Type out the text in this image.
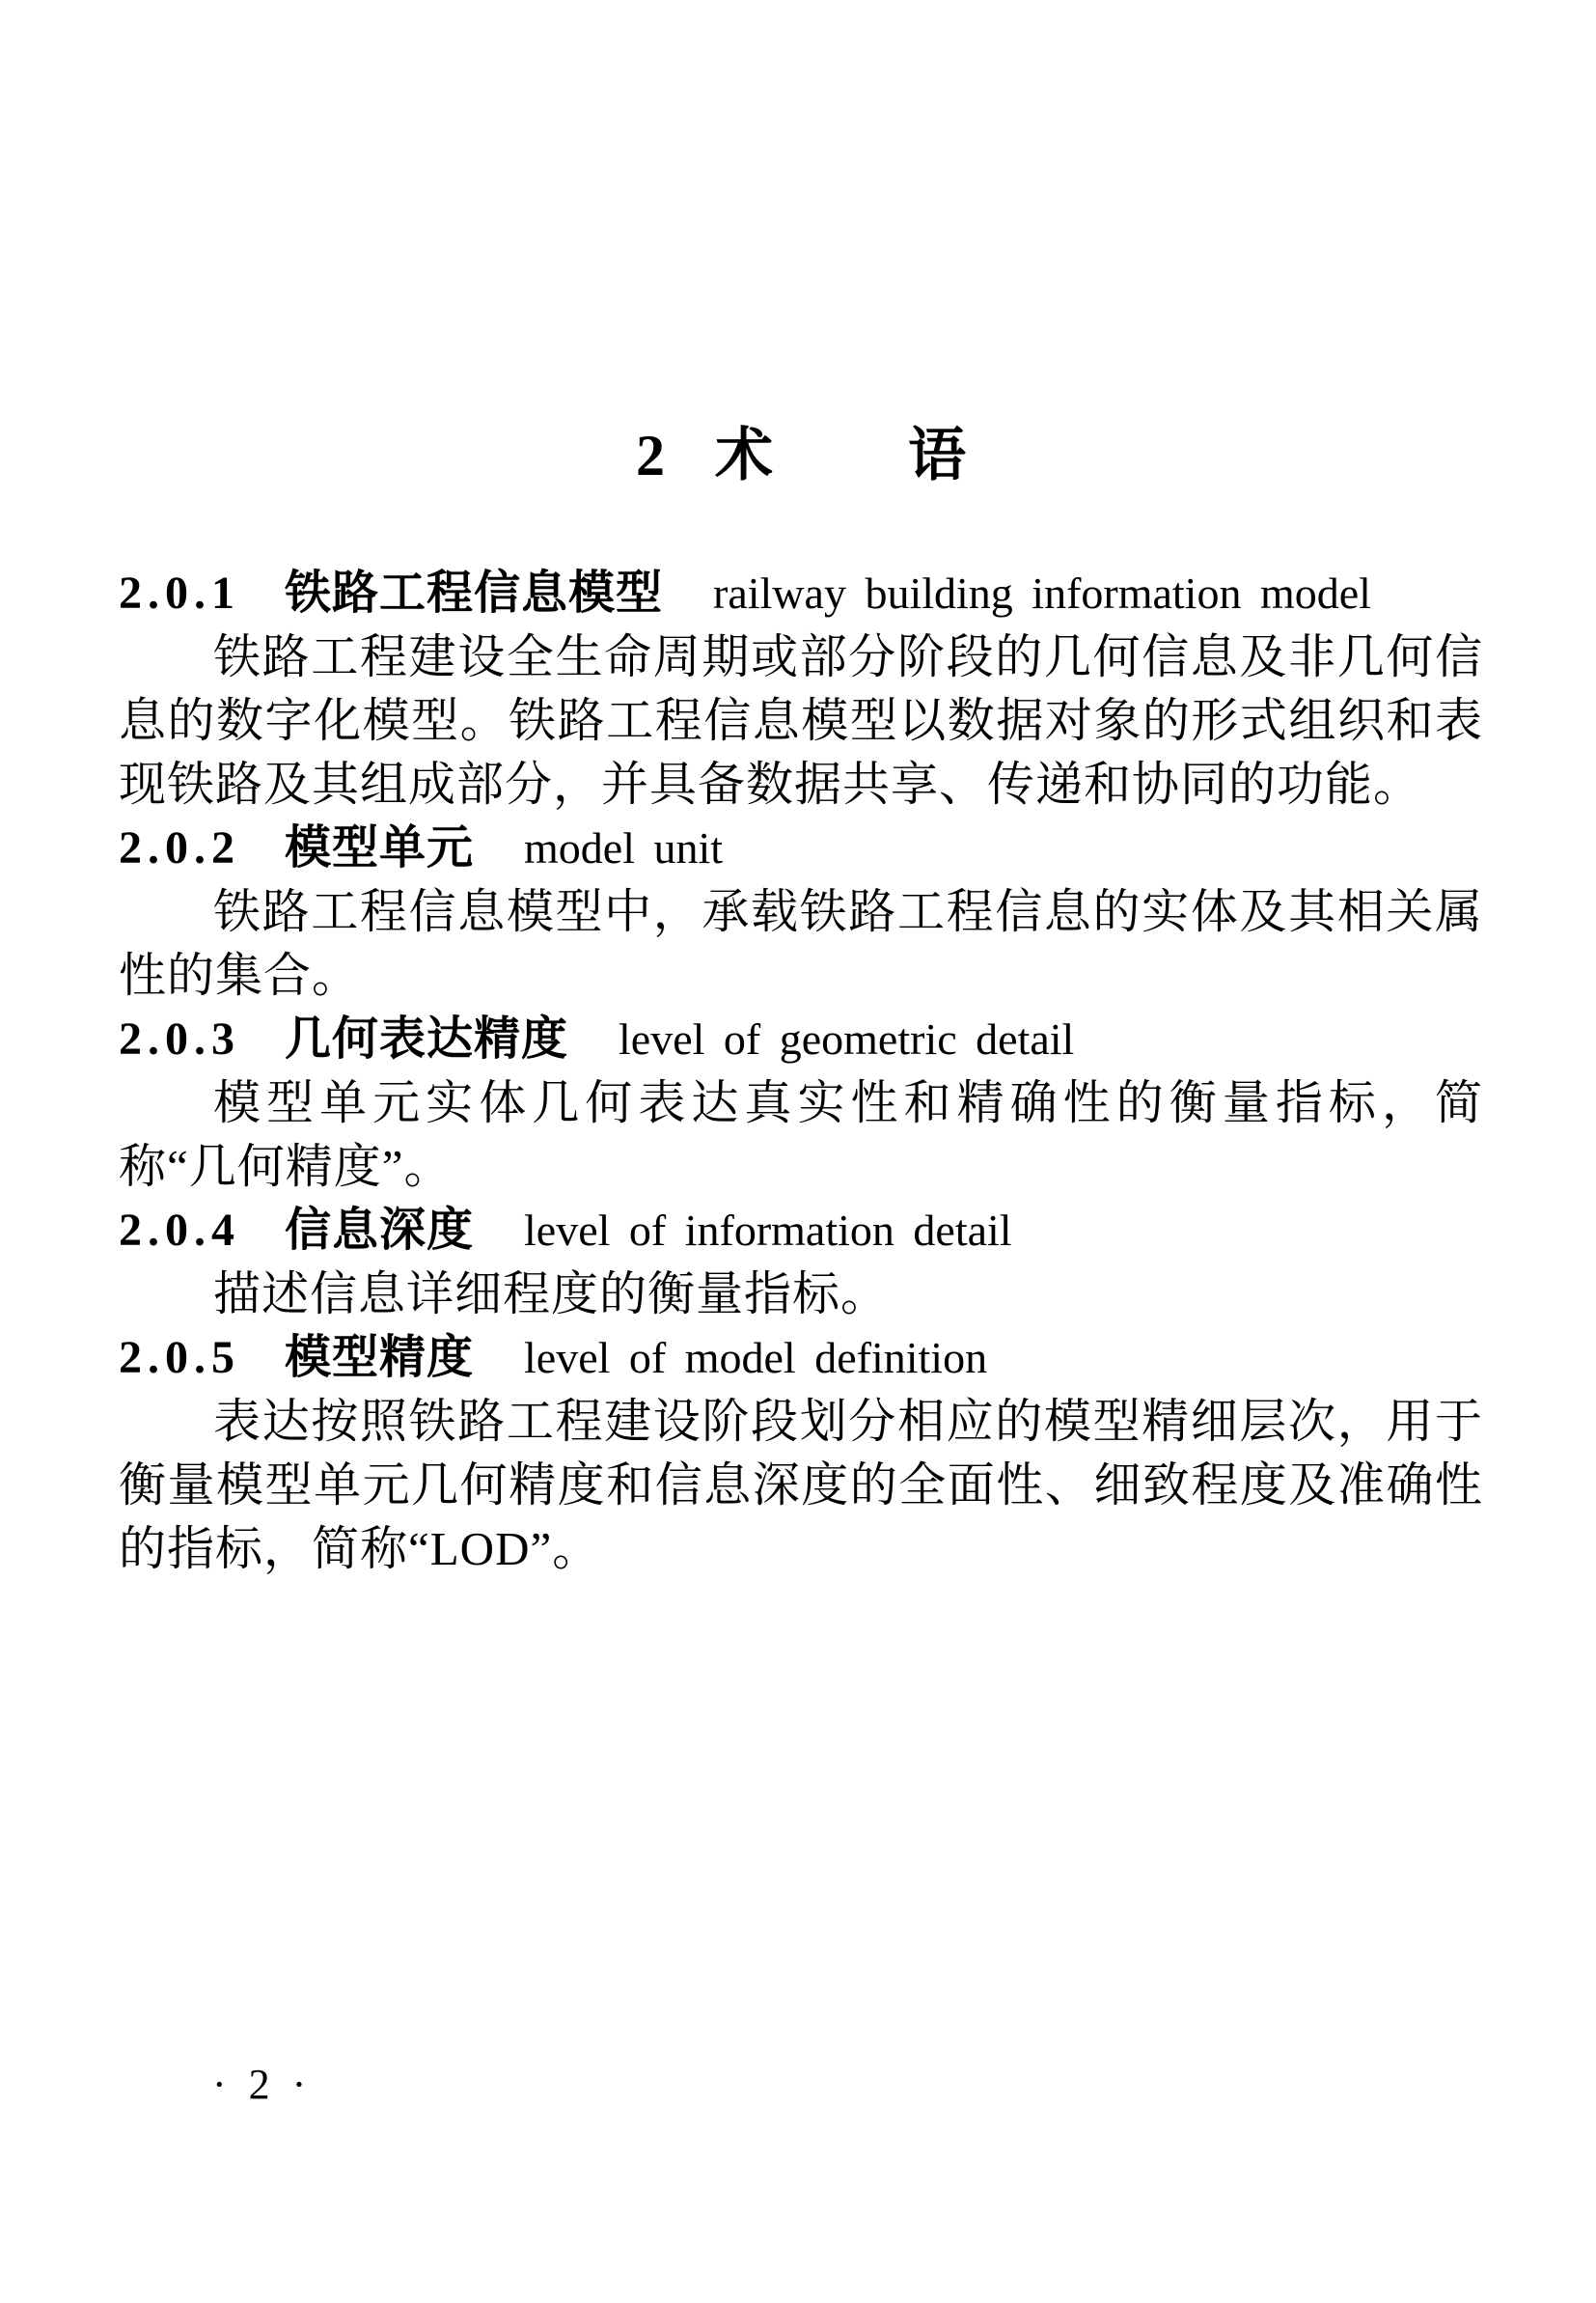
2 术 语
2.0.1 铁路工程信息模型 railway building information model

铁路工程建设全生命周期或部分阶段的几何信息及非几何信息的数字化模型。铁路工程信息模型以数据对象的形式组织和表现铁路及其组成部分，并具备数据共享、传递和协同的功能。

2.0.2 模型单元 model unit

铁路工程信息模型中，承载铁路工程信息的实体及其相关属性的集合。

2.0.3 几何表达精度 level of geometric detail

模型单元实体几何表达真实性和精确性的衡量指标，简称“几何精度”。

2.0.4 信息深度 level of information detail

描述信息详细程度的衡量指标。

2.0.5 模型精度 level of model definition

表达按照铁路工程建设阶段划分相应的模型精细层次，用于衡量模型单元几何精度和信息深度的全面性、细致程度及准确性的指标，简称“LOD”。

· 2 ·
